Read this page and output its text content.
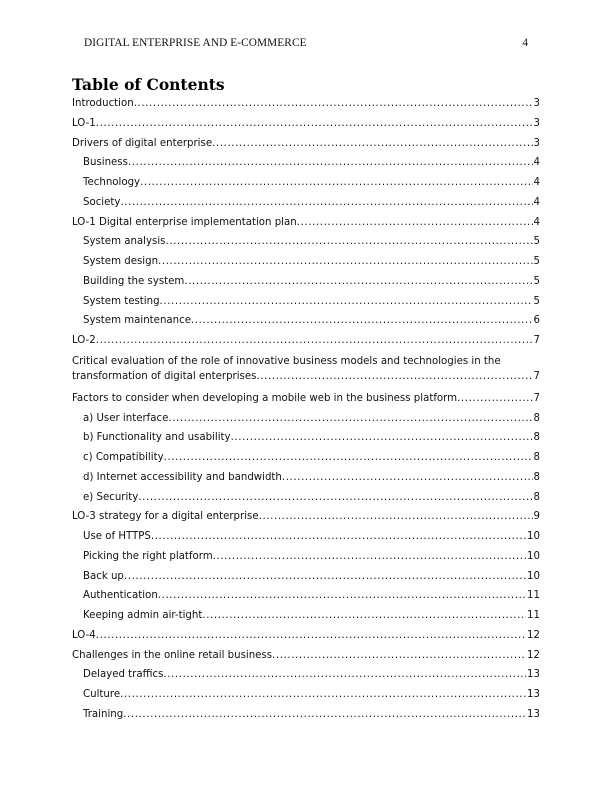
DIGITAL ENTERPRISE AND E-COMMERCE	4
Table of Contents
Introduction .....	3
LO-1 .....	3
Drivers of digital enterprise .....	3
Business .....	4
Technology .....	4
Society .....	4
LO-1 Digital enterprise implementation plan .....	4
System analysis .....	5
System design .....	5
Building the system .....	5
System testing .....	5
System maintenance .....	6
LO-2 .....	7
Critical evaluation of the role of innovative business models and technologies in the
transformation of digital enterprises .....	7
Factors to consider when developing a mobile web in the business platform .....	7
a) User interface .....	8
b) Functionality and usability .....	8
c) Compatibility .....	8
d) Internet accessibility and bandwidth .....	8
e) Security .....	8
LO-3 strategy for a digital enterprise .....	9
Use of HTTPS .....	10
Picking the right platform .....	10
Back up .....	10
Authentication .....	11
Keeping admin air-tight .....	11
LO-4 .....	12
Challenges in the online retail business .....	12
Delayed traffics .....	13
Culture .....	13
Training .....	13
